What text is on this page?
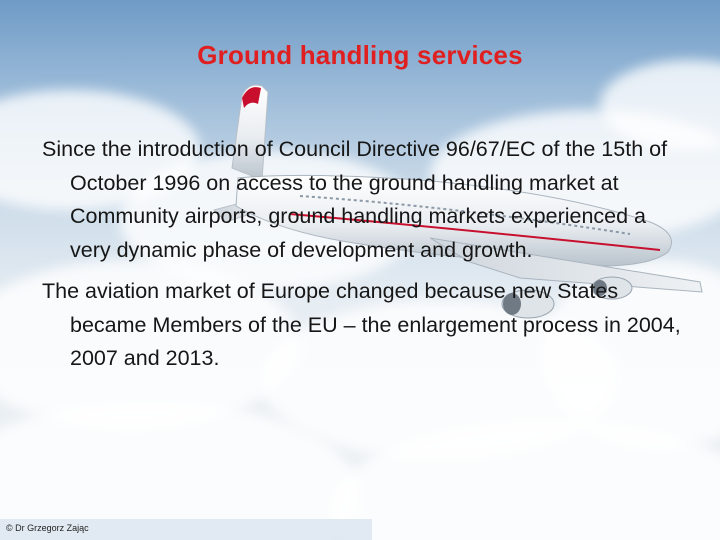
Ground handling services

Since the introduction of Council Directive 96/67/EC of the 15th of October 1996 on access to the ground handling market at Community airports, ground handling markets experienced a very dynamic phase of development and growth.

The aviation market of Europe changed because new States became Members of the EU – the enlargement process in 2004, 2007 and 2013.

© Dr Grzegorz Zając
